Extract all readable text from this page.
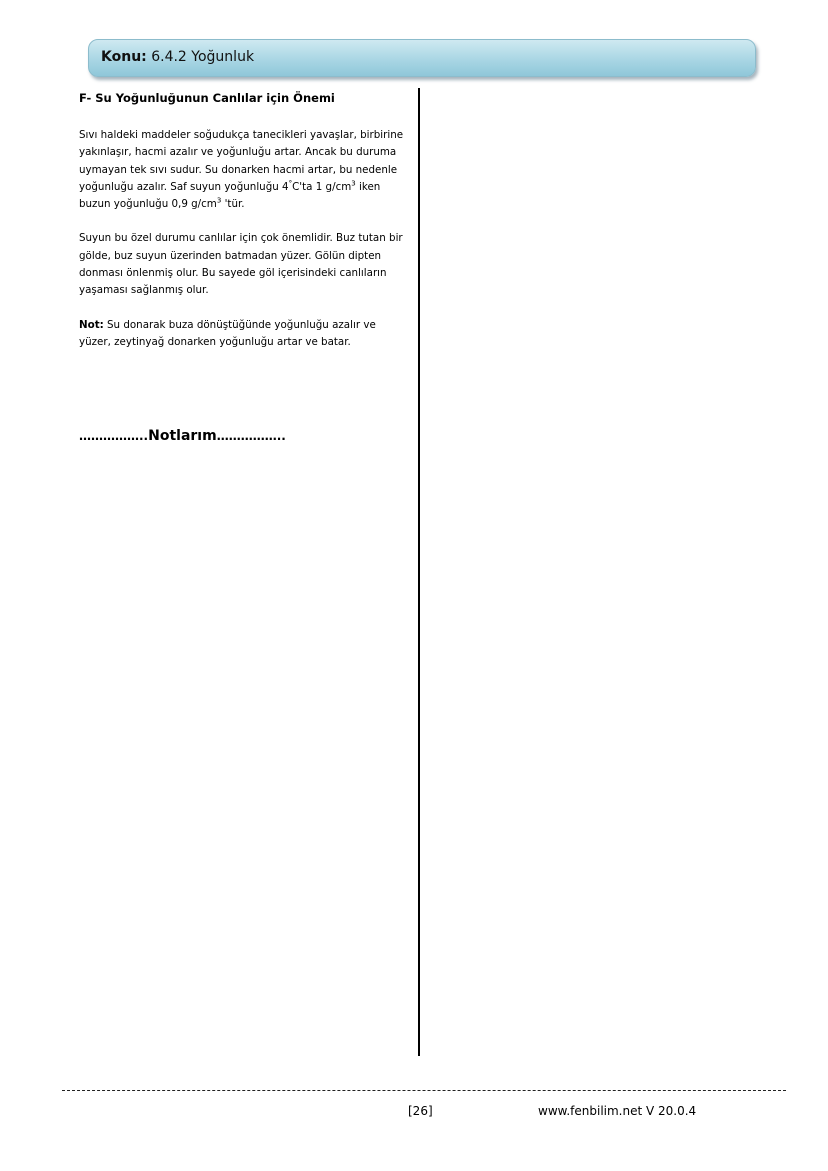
Konu: 6.4.2 Yoğunluk

F- Su Yoğunluğunun Canlılar için Önemi

Sıvı haldeki maddeler soğudukça tanecikleri yavaşlar, birbirine yakınlaşır, hacmi azalır ve yoğunluğu artar. Ancak bu duruma uymayan tek sıvı sudur. Su donarken hacmi artar, bu nedenle yoğunluğu azalır. Saf suyun yoğunluğu 4°C'ta 1 $g/cm^3$ iken buzun yoğunluğu 0,9 $g/cm^3$ 'tür.

Suyun bu özel durumu canlılar için çok önemlidir. Buz tutan bir gölde, buz suyun üzerinden batmadan yüzer. Gölün dipten donması önlenmiş olur. Bu sayede göl içerisindeki canlıların yaşaması sağlanmış olur.

Not: Su donarak buza dönüştüğünde yoğunluğu azalır ve yüzer, zeytinyağ donarken yoğunluğu artar ve batar.

……………..Notlarım……………..
[26]	www.fenbilim.net V 20.0.4
